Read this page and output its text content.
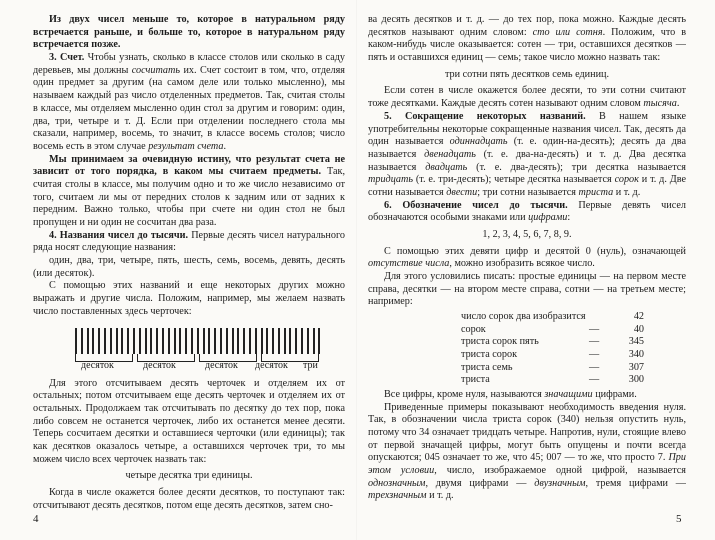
Из двух чисел меньше то, которое в натуральном ряду встречается раньше, и больше то, которое в натуральном ряду встречается позже.

3. Счет. Чтобы узнать, сколько в классе столов или сколько в саду деревьев, мы должны сосчитать их. Счет состоит в том, что, отделяя один предмет за другим (на самом деле или только мысленно), мы называем каждый раз число отделенных предметов. Так, считая столы в классе, мы отделяем мысленно один стол за другим и говорим: один, два, три, четыре и т. Д. Если при отделении последнего стола мы сказали, например, восемь, то значит, в классе восемь столов; число восемь есть в этом случае результат счета.

Мы принимаем за очевидную истину, что результат счета не зависит от того порядка, в каком мы считаем предметы. Так, считая столы в классе, мы получим одно и то же число независимо от того, считаем ли мы от передних столов к задним или от задних к передним. Важно только, чтобы при счете ни один стол не был пропущен и ни один не сосчитан два раза.

4. Названия чисел до тысячи. Первые десять чисел натурального ряда носят следующие названия:

один, два, три, четыре, пять, шесть, семь, восемь, девять, десять (или десяток).

С помощью этих названий и еще некоторых других можно выражать и другие числа. Положим, например, мы желаем назвать число поставленных здесь черточек:

десяток	десяток	десяток десяток три

Для этого отсчитываем десять черточек и отделяем их от остальных; потом отсчитываем еще десять черточек и отделяем их от остальных. Продолжаем так отсчитывать по десятку до тех пор, пока либо совсем не останется черточек, либо их останется менее десяти. Теперь сосчитаем десятки и оставшиеся черточки (или единицы); так как десятков оказалось четыре, а оставшихся черточек три, то мы можем число всех черточек назвать так:

четыре десятка три единицы.

Когда в числе окажется более десяти десятков, то поступают так: отсчитывают десять десятков, потом еще десять десятков, затем сно-

4

ва десять десятков и т. д. — до тех пор, пока можно. Каждые десять десятков называют одним словом: сто или сотня. Положим, что в каком-нибудь числе оказывается: сотен — три, оставшихся десятков — пять и оставшихся единиц — семь; такое число можно назвать так:

три сотни пять десятков семь единиц.

Если сотен в числе окажется более десяти, то эти сотни считают тоже десятками. Каждые десять сотен называют одним словом тысяча.

5. Сокращение некоторых названий. В нашем языке употребительны некоторые сокращенные названия чисел. Так, десять да один называется одиннадцать (т. е. один-на-десять); десять да два называется двенадцать (т. е. два-на-десять) и т. д. Два десятка называется двадцать (т. е. два-десять); три десятка называется тридцать (т. е. три-десять); четыре десятка называется сорок и т. д. Две сотни называется двести; три сотни называется триста и т. д.

6. Обозначение чисел до тысячи. Первые девять чисел обозначаются особыми знаками или цифрами:

1, 2, 3, 4, 5, 6, 7, 8, 9.

С помощью этих девяти цифр и десятой 0 (нуль), означающей отсутствие числа, можно изобразить всякое число.

Для этого условились писать: простые единицы — на первом месте справа, десятки — на втором месте справа, сотни — на третьем месте; например:

число сорок два изобразится	42
сорок	—	40
триста сорок пять	—	345
триста сорок	—	340
триста семь	—	307
триста	—	300

Все цифры, кроме нуля, называются значащими цифрами.

Приведенные примеры показывают необходимость введения нуля. Так, в обозначении числа триста сорок (340) нельзя опустить нуль, потому что 34 означает тридцать четыре. Напротив, нули, стоящие влево от первой значащей цифры, могут быть опущены и почти всегда опускаются; 045 означает то же, что 45; 007 — то же, что просто 7. При этом условии, число, изображаемое одной цифрой, называется однозначным, двумя цифрами — двузначным, тремя цифрами — трехзначным и т. д.

5
